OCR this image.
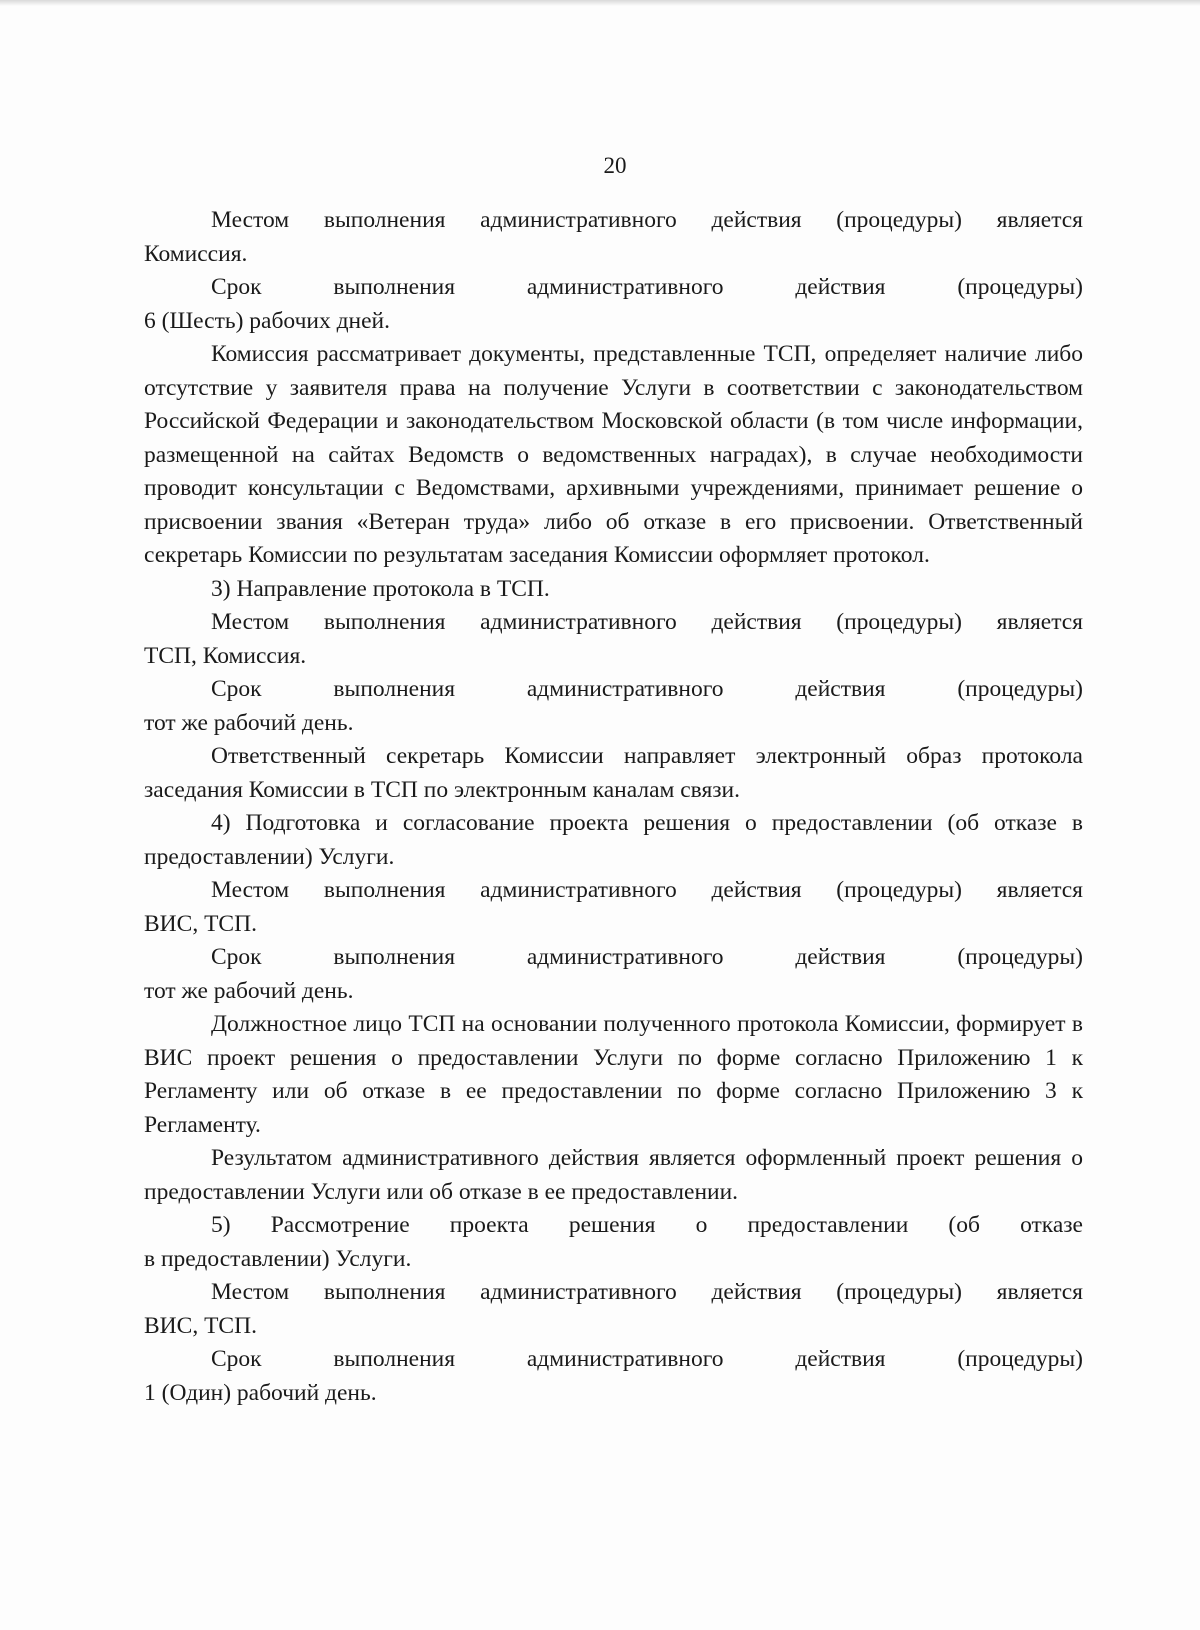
20

Местом выполнения административного действия (процедуры) является
Комиссия.

Срок выполнения административного действия (процедуры)
6 (Шесть) рабочих дней.

Комиссия рассматривает документы, представленные ТСП, определяет наличие либо отсутствие у заявителя права на получение Услуги в соответствии с законодательством Российской Федерации и законодательством Московской области (в том числе информации, размещенной на сайтах Ведомств о ведомственных наградах), в случае необходимости проводит консультации с Ведомствами, архивными учреждениями, принимает решение о присвоении звания «Ветеран труда» либо об отказе в его присвоении. Ответственный секретарь Комиссии по результатам заседания Комиссии оформляет протокол.

3) Направление протокола в ТСП.

Местом выполнения административного действия (процедуры) является
ТСП, Комиссия.

Срок выполнения административного действия (процедуры)
тот же рабочий день.

Ответственный секретарь Комиссии направляет электронный образ протокола заседания Комиссии в ТСП по электронным каналам связи.

4) Подготовка и согласование проекта решения о предоставлении (об отказе в предоставлении) Услуги.

Местом выполнения административного действия (процедуры) является
ВИС, ТСП.

Срок выполнения административного действия (процедуры)
тот же рабочий день.

Должностное лицо ТСП на основании полученного протокола Комиссии, формирует в ВИС проект решения о предоставлении Услуги по форме согласно Приложению 1 к Регламенту или об отказе в ее предоставлении по форме согласно Приложению 3 к Регламенту.

Результатом административного действия является оформленный проект решения о предоставлении Услуги или об отказе в ее предоставлении.

5) Рассмотрение проекта решения о предоставлении (об отказе
в предоставлении) Услуги.

Местом выполнения административного действия (процедуры) является
ВИС, ТСП.

Срок выполнения административного действия (процедуры)
1 (Один) рабочий день.
